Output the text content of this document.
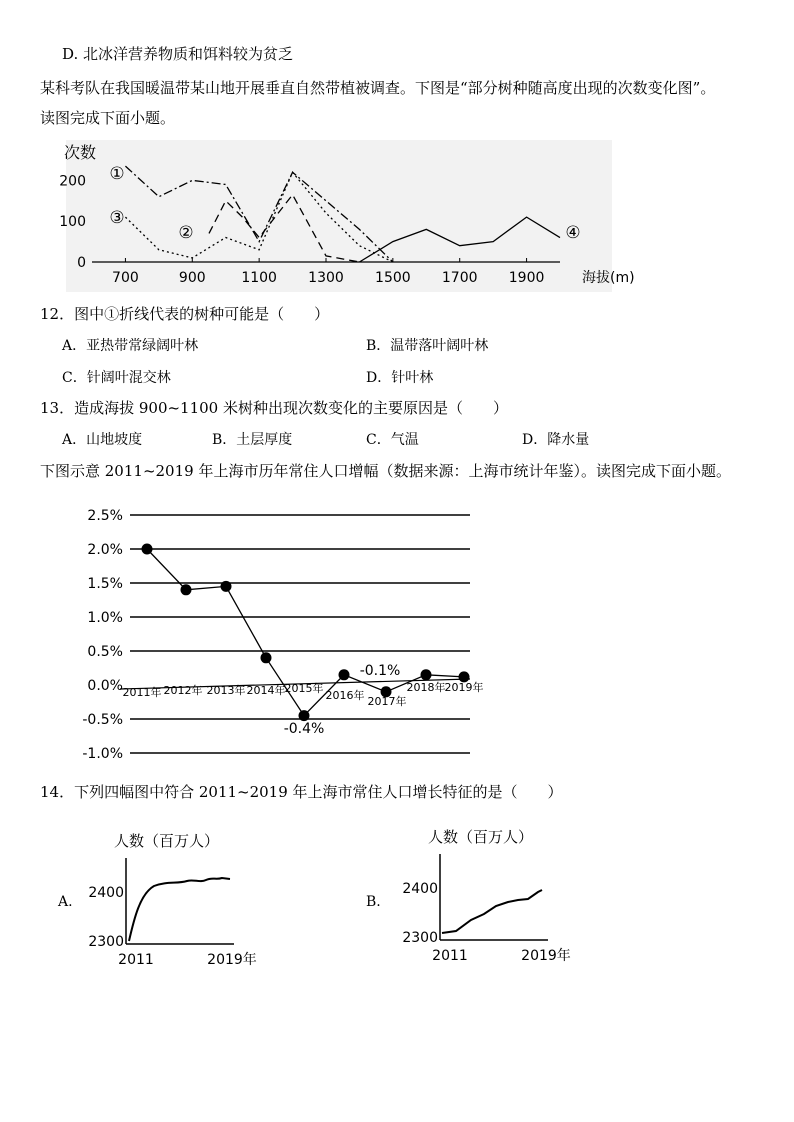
D. 北冰洋营养物质和饵料较为贫乏
某科考队在我国暖温带某山地开展垂直自然带植被调查。下图是“部分树种随高度出现的次数变化图”。
读图完成下面小题。
次数
0
100
200
700	900	1100 1300 1500 1700 1900	海拔(m)
①
②
③
④
12．图中①折线代表的树种可能是（　　）
A．亚热带常绿阔叶林	B．温带落叶阔叶林
C．针阔叶混交林	D．针叶林
13．造成海拔 900~1100 米树种出现次数变化的主要原因是（　　）
A．山地坡度	B．土层厚度	C．气温	D．降水量
下图示意 2011~2019 年上海市历年常住人口增幅（数据来源：上海市统计年鉴）。读图完成下面小题。
2.5%
2.0%
1.5%
1.0%
0.5%
0.0%
-0.5%
-1.0%
2011年 2012年 2013年 2014年 2015年
2016年 2017年
2018年 2019年
-0.4%
-0.1%
14．下列四幅图中符合 2011~2019 年上海市常住人口增长特征的是（　　）
A.
人数（百万人）
2400
2300
2011	2019年
B.
人数（百万人）
2400
2300
2011	2019年
